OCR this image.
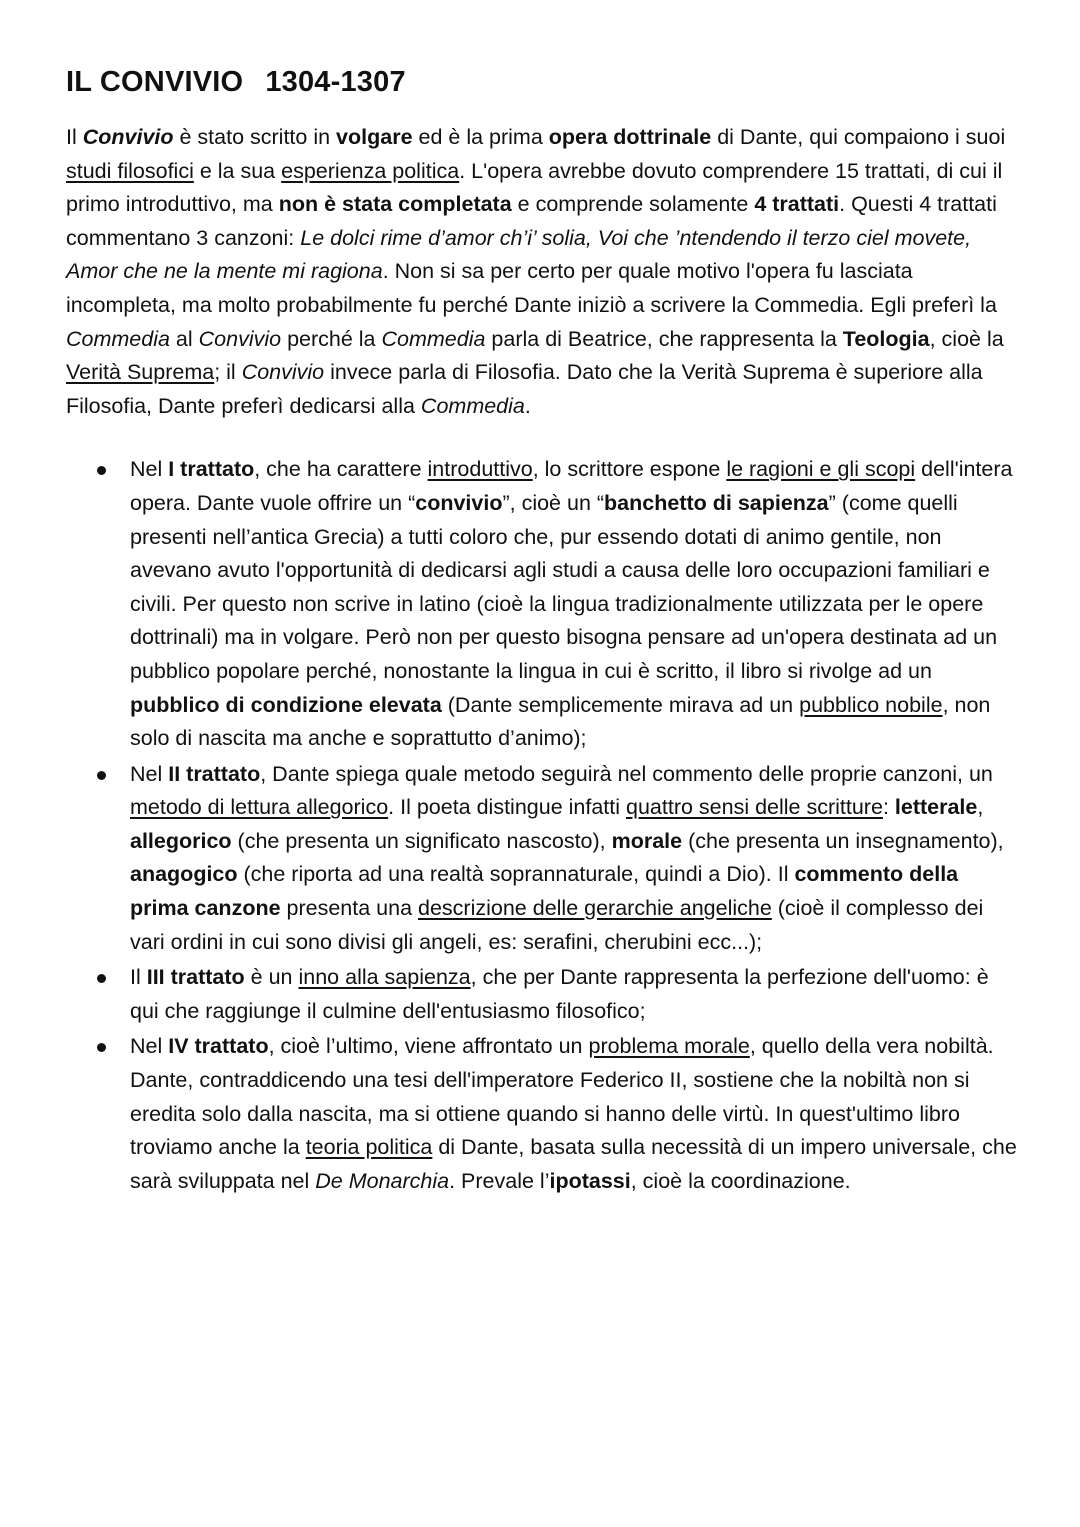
IL CONVIVIO 1304-1307

Il Convivio è stato scritto in volgare ed è la prima opera dottrinale di Dante, qui compaiono i suoi studi filosofici e la sua esperienza politica. L'opera avrebbe dovuto comprendere 15 trattati, di cui il primo introduttivo, ma non è stata completata e comprende solamente 4 trattati. Questi 4 trattati commentano 3 canzoni: Le dolci rime d’amor ch’i’ solia, Voi che ’ntendendo il terzo ciel movete, Amor che ne la mente mi ragiona. Non si sa per certo per quale motivo l'opera fu lasciata incompleta, ma molto probabilmente fu perché Dante iniziò a scrivere la Commedia. Egli preferì la Commedia al Convivio perché la Commedia parla di Beatrice, che rappresenta la Teologia, cioè la Verità Suprema; il Convivio invece parla di Filosofia. Dato che la Verità Suprema è superiore alla Filosofia, Dante preferì dedicarsi alla Commedia.

Nel I trattato, che ha carattere introduttivo, lo scrittore espone le ragioni e gli scopi dell'intera opera. Dante vuole offrire un “convivio”, cioè un “banchetto di sapienza” (come quelli presenti nell’antica Grecia) a tutti coloro che, pur essendo dotati di animo gentile, non avevano avuto l'opportunità di dedicarsi agli studi a causa delle loro occupazioni familiari e civili. Per questo non scrive in latino (cioè la lingua tradizionalmente utilizzata per le opere dottrinali) ma in volgare. Però non per questo bisogna pensare ad un'opera destinata ad un pubblico popolare perché, nonostante la lingua in cui è scritto, il libro si rivolge ad un pubblico di condizione elevata (Dante semplicemente mirava ad un pubblico nobile, non solo di nascita ma anche e soprattutto d’animo);
Nel II trattato, Dante spiega quale metodo seguirà nel commento delle proprie canzoni, un metodo di lettura allegorico. Il poeta distingue infatti quattro sensi delle scritture: letterale, allegorico (che presenta un significato nascosto), morale (che presenta un insegnamento), anagogico (che riporta ad una realtà soprannaturale, quindi a Dio). Il commento della prima canzone presenta una descrizione delle gerarchie angeliche (cioè il complesso dei vari ordini in cui sono divisi gli angeli, es: serafini, cherubini ecc...);
Il III trattato è un inno alla sapienza, che per Dante rappresenta la perfezione dell'uomo: è qui che raggiunge il culmine dell'entusiasmo filosofico;
Nel IV trattato, cioè l’ultimo, viene affrontato un problema morale, quello della vera nobiltà. Dante, contraddicendo una tesi dell'imperatore Federico II, sostiene che la nobiltà non si eredita solo dalla nascita, ma si ottiene quando si hanno delle virtù. In quest'ultimo libro troviamo anche la teoria politica di Dante, basata sulla necessità di un impero universale, che sarà sviluppata nel De Monarchia. Prevale l’ipotassi, cioè la coordinazione.
